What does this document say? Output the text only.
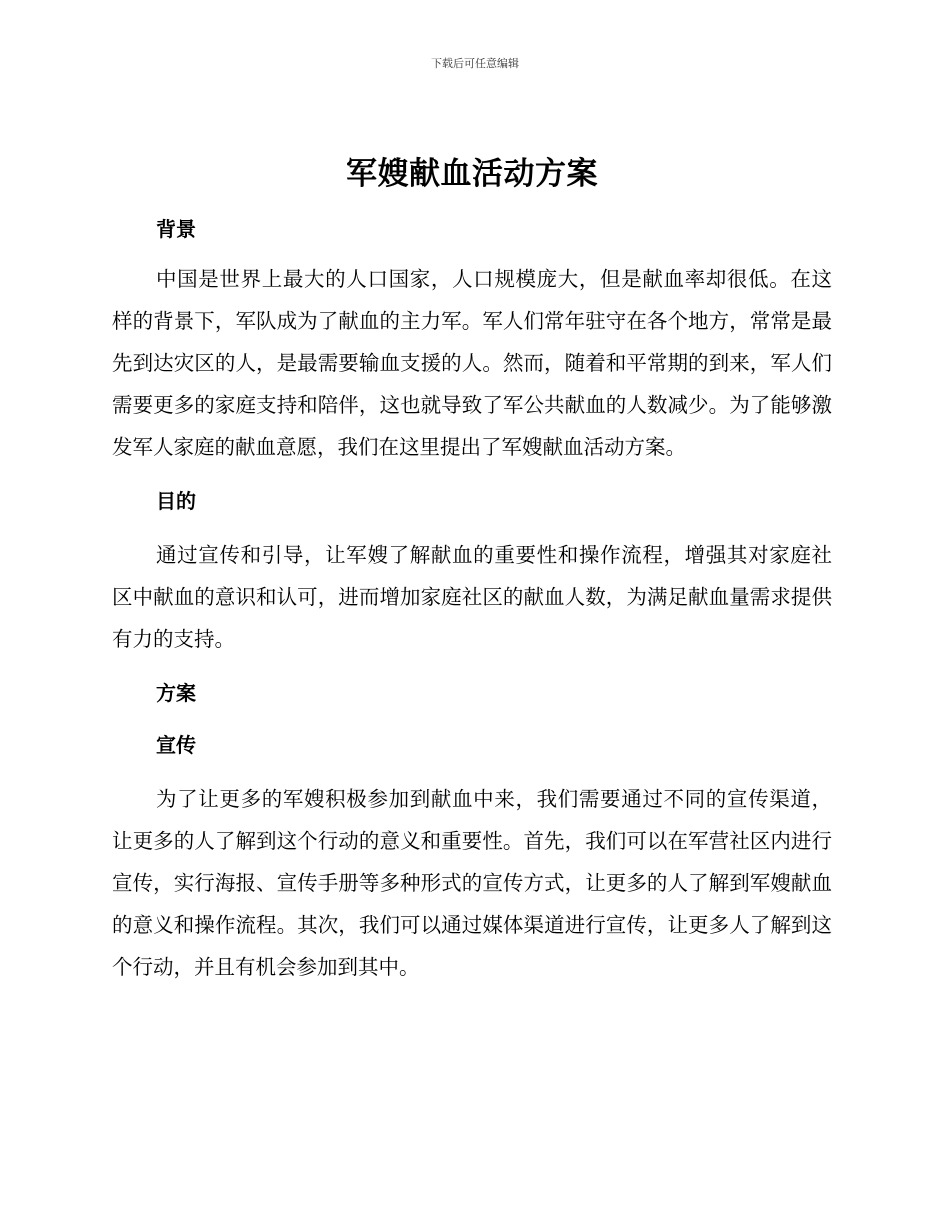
下载后可任意编辑
军嫂献血活动方案
背景

中国是世界上最大的人口国家，人口规模庞大，但是献血率却很低。在这样的背景下，军队成为了献血的主力军。军人们常年驻守在各个地方，常常是最先到达灾区的人，是最需要输血支援的人。然而，随着和平常期的到来，军人们需要更多的家庭支持和陪伴，这也就导致了军公共献血的人数减少。为了能够激发军人家庭的献血意愿，我们在这里提出了军嫂献血活动方案。

目的

通过宣传和引导，让军嫂了解献血的重要性和操作流程，增强其对家庭社区中献血的意识和认可，进而增加家庭社区的献血人数，为满足献血量需求提供有力的支持。

方案
宣传

为了让更多的军嫂积极参加到献血中来，我们需要通过不同的宣传渠道，让更多的人了解到这个行动的意义和重要性。首先，我们可以在军营社区内进行宣传，实行海报、宣传手册等多种形式的宣传方式，让更多的人了解到军嫂献血的意义和操作流程。其次，我们可以通过媒体渠道进行宣传，让更多人了解到这个行动，并且有机会参加到其中。
